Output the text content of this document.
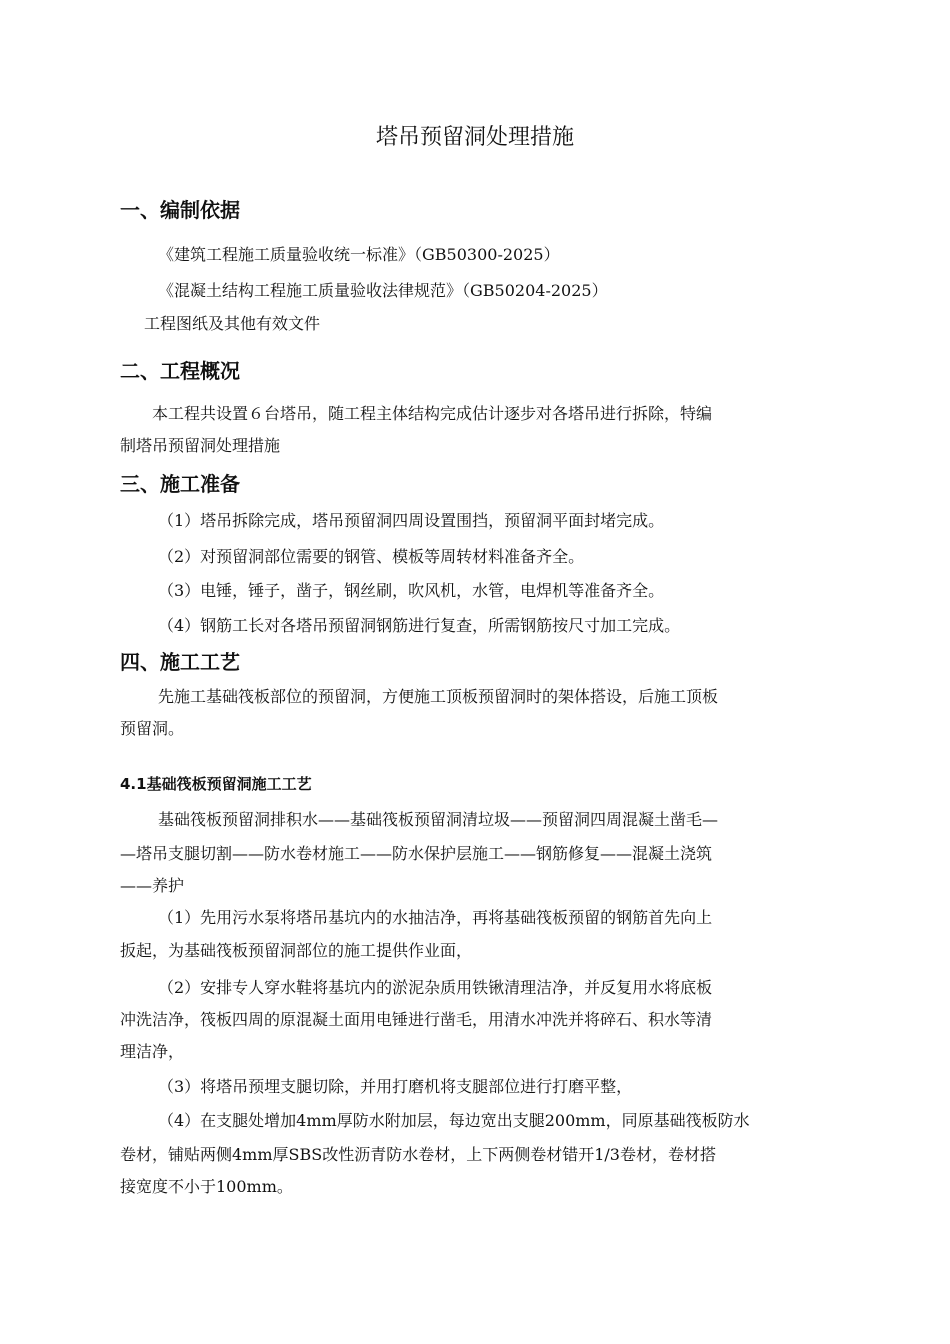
塔吊预留洞处理措施
一、编制依据
《建筑工程施工质量验收统一标准》（GB50300-2025）
《混凝土结构工程施工质量验收法律规范》（GB50204-2025）
工程图纸及其他有效文件
二、工程概况
本工程共设置６台塔吊，随工程主体结构完成估计逐步对各塔吊进行拆除，特编
制塔吊预留洞处理措施
三、施工准备
（1）塔吊拆除完成，塔吊预留洞四周设置围挡，预留洞平面封堵完成。
（2）对预留洞部位需要的钢管、模板等周转材料准备齐全。
（3）电锤，锤子，凿子，钢丝刷，吹风机，水管，电焊机等准备齐全。
（4）钢筋工长对各塔吊预留洞钢筋进行复查，所需钢筋按尺寸加工完成。
四、施工工艺
先施工基础筏板部位的预留洞，方便施工顶板预留洞时的架体搭设，后施工顶板
预留洞。
4.1基础筏板预留洞施工工艺
基础筏板预留洞排积水——基础筏板预留洞清垃圾——预留洞四周混凝土凿毛—
—塔吊支腿切割——防水卷材施工——防水保护层施工——钢筋修复——混凝土浇筑
——养护
（1）先用污水泵将塔吊基坑内的水抽洁净，再将基础筏板预留的钢筋首先向上
扳起，为基础筏板预留洞部位的施工提供作业面，
（2）安排专人穿水鞋将基坑内的淤泥杂质用铁锹清理洁净，并反复用水将底板
冲洗洁净，筏板四周的原混凝土面用电锤进行凿毛，用清水冲洗并将碎石、积水等清
理洁净，
（3）将塔吊预埋支腿切除，并用打磨机将支腿部位进行打磨平整，
（4）在支腿处增加4mm厚防水附加层，每边宽出支腿200mm，同原基础筏板防水
卷材，铺贴两侧4mm厚SBS改性沥青防水卷材，上下两侧卷材错开1/3卷材，卷材搭
接宽度不小于100mm。
